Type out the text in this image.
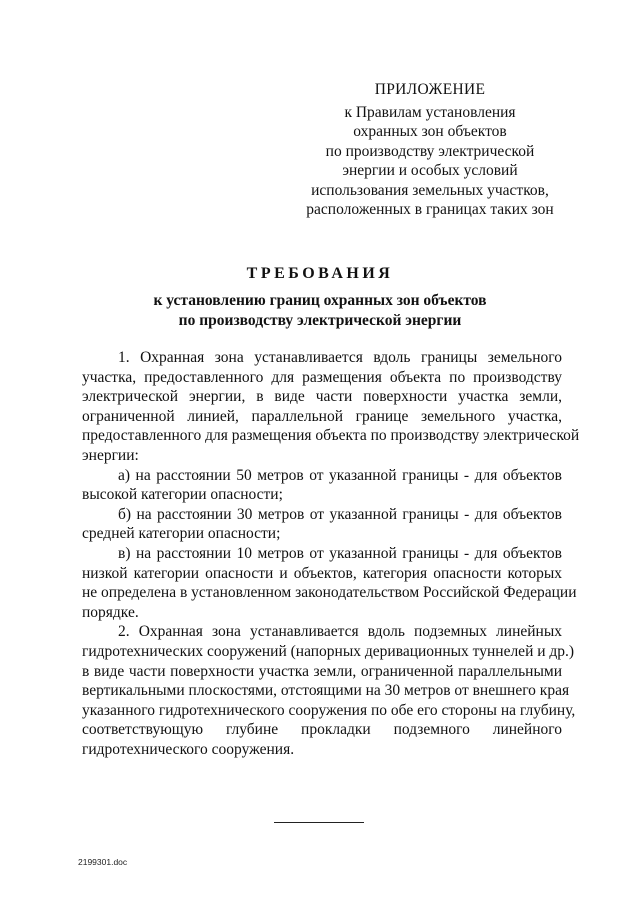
ПРИЛОЖЕНИЕ
к Правилам установления
охранных зон объектов
по производству электрической
энергии и особых условий
использования земельных участков,
расположенных в границах таких зон
ТРЕБОВАНИЯ
к установлению границ охранных зон объектов
по производству электрической энергии
1. Охранная зона устанавливается вдоль границы земельного
участка, предоставленного для размещения объекта по производству
электрической энергии, в виде части поверхности участка земли,
ограниченной линией, параллельной границе земельного участка,
предоставленного для размещения объекта по производству электрической
энергии:
а) на расстоянии 50 метров от указанной границы - для объектов
высокой категории опасности;
б) на расстоянии 30 метров от указанной границы - для объектов
средней категории опасности;
в) на расстоянии 10 метров от указанной границы - для объектов
низкой категории опасности и объектов, категория опасности которых
не определена в установленном законодательством Российской Федерации
порядке.
2. Охранная зона устанавливается вдоль подземных линейных
гидротехнических сооружений (напорных деривационных туннелей и др.)
в виде части поверхности участка земли, ограниченной параллельными
вертикальными плоскостями, отстоящими на 30 метров от внешнего края
указанного гидротехнического сооружения по обе его стороны на глубину,
соответствующую глубине прокладки подземного линейного
гидротехнического сооружения.
2199301.doc
